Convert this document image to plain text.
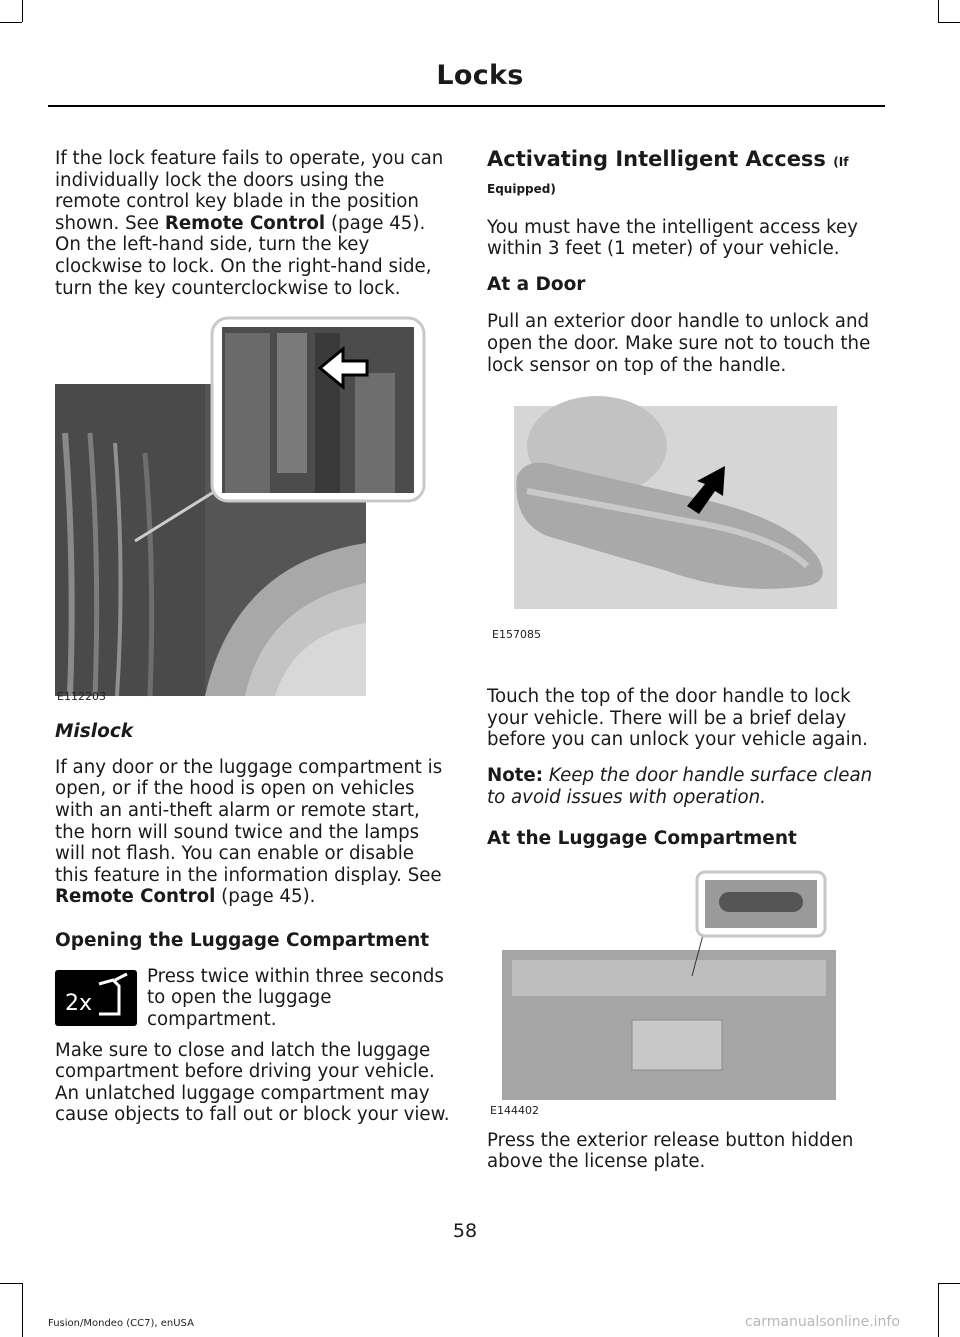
Locks

If the lock feature fails to operate, you can individually lock the doors using the remote control key blade in the position shown. See Remote Control (page 45). On the left-hand side, turn the key clockwise to lock. On the right-hand side, turn the key counterclockwise to lock.

E112203
Mislock

If any door or the luggage compartment is open, or if the hood is open on vehicles with an anti-theft alarm or remote start, the horn will sound twice and the lamps will not flash. You can enable or disable this feature in the information display. See Remote Control (page 45).

Opening the Luggage Compartment
2x
Press twice within three seconds to open the luggage compartment.

Make sure to close and latch the luggage compartment before driving your vehicle. An unlatched luggage compartment may cause objects to fall out or block your view.

Activating Intelligent Access (If
Equipped)

You must have the intelligent access key within 3 feet (1 meter) of your vehicle.

At a Door

Pull an exterior door handle to unlock and open the door. Make sure not to touch the lock sensor on top of the handle.

E157085

Touch the top of the door handle to lock your vehicle. There will be a brief delay before you can unlock your vehicle again.

Note: Keep the door handle surface clean to avoid issues with operation.

At the Luggage Compartment
E144402

Press the exterior release button hidden above the license plate.

58
Fusion/Mondeo (CC7), enUSA	carmanualsonline.info
